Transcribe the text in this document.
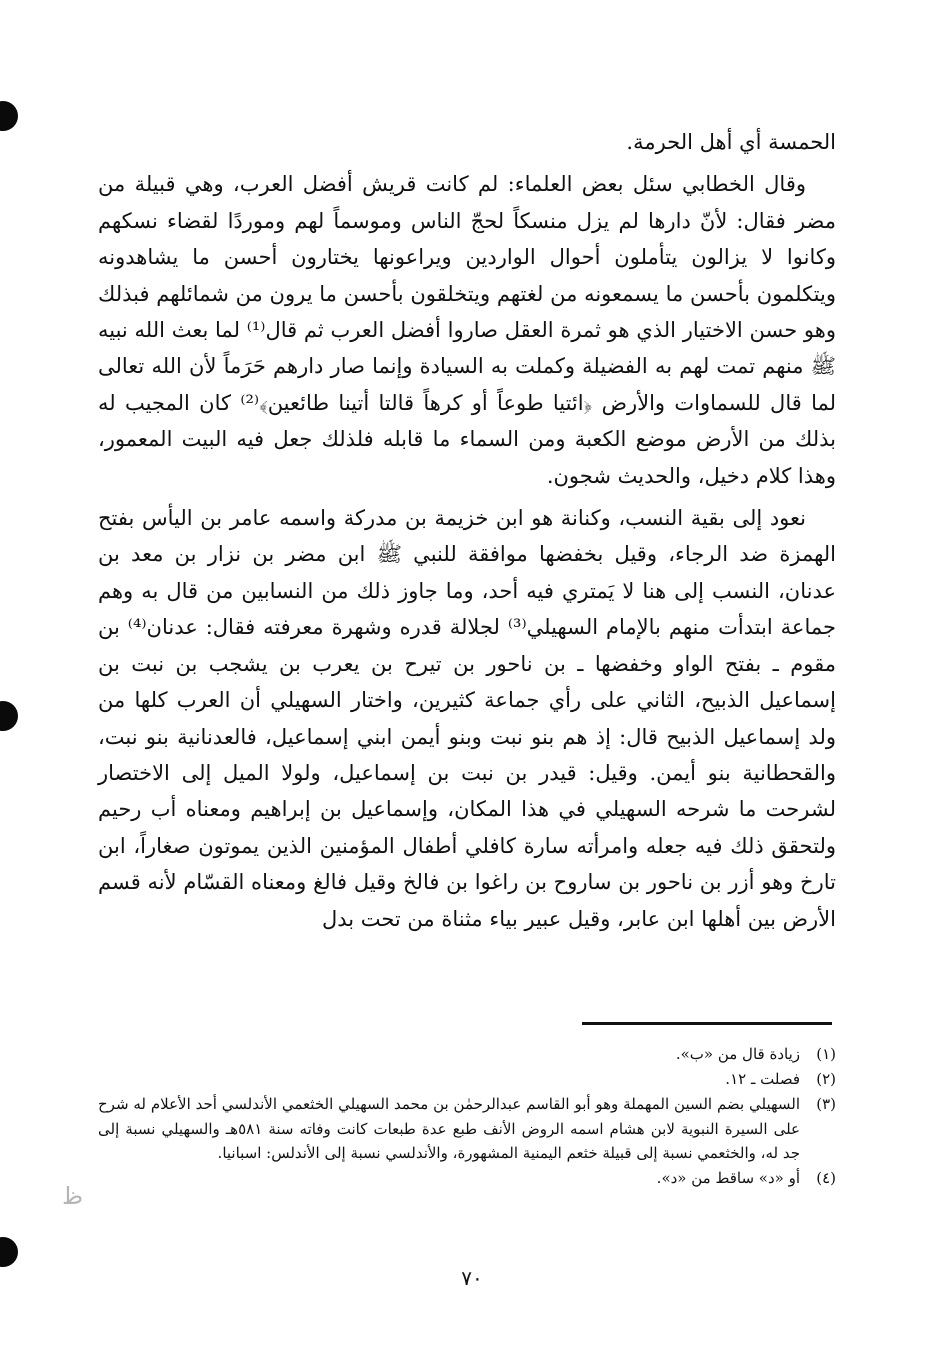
الحمسة أي أهل الحرمة.

وقال الخطابي سئل بعض العلماء: لم كانت قريش أفضل العرب، وهي قبيلة من مضر فقال: لأنّ دارها لم يزل منسكاً لحجّ الناس وموسماً لهم وموردًا لقضاء نسكهم وكانوا لا يزالون يتأملون أحوال الواردين ويراعونها يختارون أحسن ما يشاهدونه ويتكلمون بأحسن ما يسمعونه من لغتهم ويتخلقون بأحسن ما يرون من شمائلهم فبذلك وهو حسن الاختيار الذي هو ثمرة العقل صاروا أفضل العرب ثم قال⁽¹⁾ لما بعث الله نبيه ﷺ منهم تمت لهم به الفضيلة وكملت به السيادة وإنما صار دارهم حَرَماً لأن الله تعالى لما قال للسماوات والأرض ﴿ائتيا طوعاً أو كرهاً قالتا أتينا طائعين﴾⁽²⁾ كان المجيب له بذلك من الأرض موضع الكعبة ومن السماء ما قابله فلذلك جعل فيه البيت المعمور، وهذا كلام دخيل، والحديث شجون.

نعود إلى بقية النسب، وكنانة هو ابن خزيمة بن مدركة واسمه عامر بن اليأس بفتح الهمزة ضد الرجاء، وقيل بخفضها موافقة للنبي ﷺ ابن مضر بن نزار بن معد بن عدنان، النسب إلى هنا لا يَمتري فيه أحد، وما جاوز ذلك من النسابين من قال به وهم جماعة ابتدأت منهم بالإمام السهيلي⁽³⁾ لجلالة قدره وشهرة معرفته فقال: عدنان⁽⁴⁾ بن مقوم ـ بفتح الواو وخفضها ـ بن ناحور بن تيرح بن يعرب بن يشجب بن نبت بن إسماعيل الذبيح، الثاني على رأي جماعة كثيرين، واختار السهيلي أن العرب كلها من ولد إسماعيل الذبيح قال: إذ هم بنو نبت وبنو أيمن ابني إسماعيل، فالعدنانية بنو نبت، والقحطانية بنو أيمن. وقيل: قيدر بن نبت بن إسماعيل، ولولا الميل إلى الاختصار لشرحت ما شرحه السهيلي في هذا المكان، وإسماعيل بن إبراهيم ومعناه أب رحيم ولتحقق ذلك فيه جعله وامرأته سارة كافلي أطفال المؤمنين الذين يموتون صغاراً، ابن تارخ وهو أزر بن ناحور بن ساروح بن راغوا بن فالخ وقيل فالغ ومعناه القسّام لأنه قسم الأرض بين أهلها ابن عابر، وقيل عبير بياء مثناة من تحت بدل

(١)
زيادة قال من «ب».
(٢)
فصلت ـ ١٢.
(٣)
السهيلي بضم السين المهملة وهو أبو القاسم عبدالرحمٰن بن محمد السهيلي الخثعمي الأندلسي أحد الأعلام له شرح على السيرة النبوية لابن هشام اسمه الروض الأنف طبع عدة طبعات كانت وفاته سنة ٥٨١هـ والسهيلي نسبة إلى جد له، والخثعمي نسبة إلى قبيلة خثعم اليمنية المشهورة، والأندلسي نسبة إلى الأندلس: اسبانيا.
(٤)
أو «د» ساقط من «د».
ﻇ
٧٠
